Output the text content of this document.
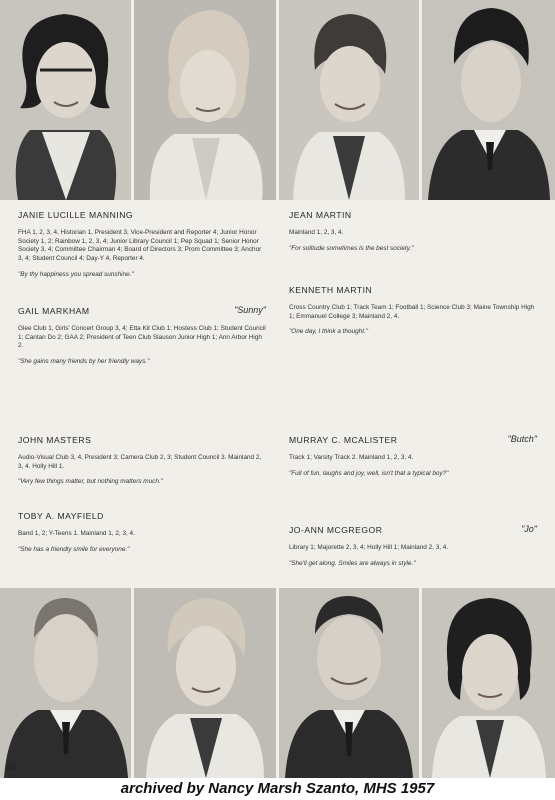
JANIE LUCILLE MANNING
FHA 1, 2, 3, 4, Historian 1, President 3, Vice-President and Reporter 4; Junior Honor Society 1, 2; Rainbow 1, 2, 3, 4; Junior Library Council 1; Pep Squad 1; Senior Honor Society 3, 4; Committee Chairman 4; Board of Directors 3; Prom Committee 3; Anchor 3, 4; Student Council 4; Day-Y 4, Reporter 4.
"By thy happiness you spread sunshine."
GAIL MARKHAM	"Sunny"
Glee Club 1, Girls' Concert Group 3, 4; Etta Kit Club 1; Hostess Club 1; Student Council 1; Cantan Do 2; GAA 2; President of Teen Club Slauson Junior High 1; Ann Arbor High 2.
"She gains many friends by her friendly ways."
JOHN MASTERS
Audio-Visual Club 3, 4, President 3; Camera Club 2, 3; Student Council 3. Mainland 2, 3, 4. Holly Hill 1.
"Very few things matter, but nothing matters much."
TOBY A. MAYFIELD
Band 1, 2; Y-Teens 1. Mainland 1, 2, 3, 4.
"She has a friendly smile for everyone."
JEAN MARTIN
Mainland 1, 2, 3, 4.
"For solitude sometimes is the best society."
KENNETH MARTIN
Cross Country Club 1; Track Team 1; Football 1; Science Club 3; Maine Township High 1; Emmanuel College 3; Mainland 2, 4.
"One day, I think a thought."
MURRAY C. MCALISTER	"Butch"
Track 1; Varsity Track 2. Mainland 1, 2, 3, 4.
"Full of fun, laughs and joy, well, isn't that a typical boy?"
JO-ANN MCGREGOR	"Jo"
Library 1; Majorette 2, 3, 4; Holly Hill 1; Mainland 2, 3, 4.
"She'll get along. Smiles are always in style."
36
archived by Nancy Marsh Szanto, MHS 1957
